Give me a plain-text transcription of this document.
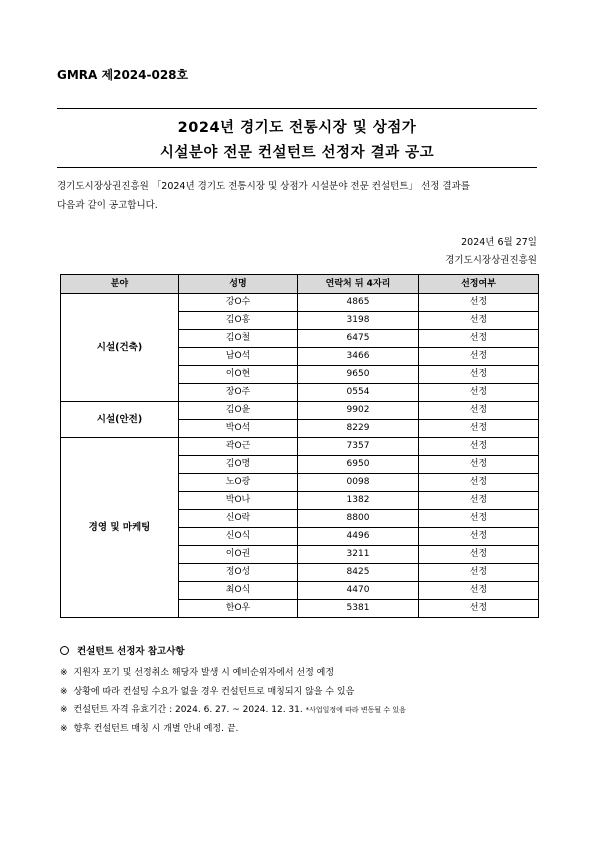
GMRA 제2024-028호
2024년 경기도 전통시장 및 상점가
시설분야 전문 컨설턴트 선정자 결과 공고
경기도시장상권진흥원 「2024년 경기도 전통시장 및 상점가 시설분야 전문 컨설턴트」 선정 결과를
다음과 같이 공고합니다.
2024년 6월 27일
경기도시장상권진흥원
분야	성명	연락처 뒤 4자리	선정여부
시설(건축)	강O수	4865	선정
	김O홍	3198	선정
	김O철	6475	선정
	남O석	3466	선정
	이O현	9650	선정
	장O주	0554	선정
시설(안전)	김O윤	9902	선정
	박O석	8229	선정
경영 및 마케팅	곽O근	7357	선정
	김O명	6950	선정
	노O광	0098	선정
	박O나	1382	선정
	신O락	8800	선정
	신O식	4496	선정
	이O권	3211	선정
	정O성	8425	선정
	최O식	4470	선정
	한O우	5381	선정
컨설턴트 선정자 참고사항
※ 지원자 포기 및 선정취소 해당자 발생 시 예비순위자에서 선정 예정
※ 상황에 따라 컨설팅 수요가 없을 경우 컨설턴트로 매칭되지 않을 수 있음
※ 컨설턴트 자격 유효기간 : 2024. 6. 27. ~ 2024. 12. 31. *사업일정에 따라 변동될 수 있음
※ 향후 컨설턴트 매칭 시 개별 안내 예정. 끝.
